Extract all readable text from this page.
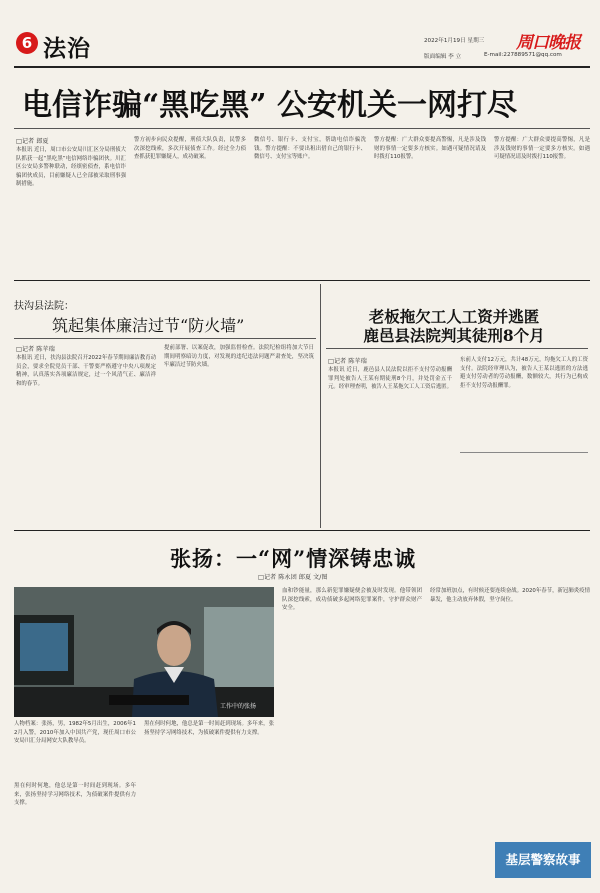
6 法治	2022年1月19日 星期三
版面编辑 李 立	E-mail:227889571@qq.com
周口晚报
电信诈骗“黑吃黑” 公安机关一网打尽
□记者 郎夏
本报讯 近日，周口市公安局川汇区分局刑侦大队抓获一起“黑吃黑”电信网络诈骗团伙。川汇区公安局多警种联动，经缜密侦查，系电信诈骗团伙成员，目前嫌疑人已全部被采取刑事强制措施。
警方初步向民众提醒，刑侦大队负责，民警多次深挖线索，多次开展侦查工作。经过全力侦查抓获犯罪嫌疑人，成功破案。
微信号、银行卡、支付宝，帮助电信诈骗洗钱。警方提醒：不要出租出借自己的银行卡、微信号、支付宝等账户。
警方提醒：广大群众要提高警惕，凡是涉及钱财的事情一定要多方核实。如遇可疑情况请及时拨打110报警。
警方提醒：广大群众要提高警惕，凡是涉及钱财的事情一定要多方核实。如遇可疑情况请及时拨打110报警。
扶沟县法院：
筑起集体廉洁过节“防火墙”
□记者 陈苹瑞
本报讯 近日，扶沟县法院召开2022年春节期间廉洁教育动员会，要求全院党员干部、干警要严格遵守中央八项规定精神，认真落实各项廉洁规定，过一个风清气正、廉洁祥和的春节。
提前部署、以案促改，加强监督检查。法院纪检组将加大节日期间明察暗访力度，对发现的违纪违法问题严肃查处，坚决筑牢廉洁过节防火墙。
老板拖欠工人工资并逃匿
鹿邑县法院判其徒刑8个月
□记者 陈苹瑞
本报讯 近日，鹿邑县人民法院以拒不支付劳动报酬罪判处被告人王某有期徒刑8个月，并处罚金五千元。经审理查明，被告人王某拖欠工人工资后逃匿。
东前人支付12万元，共计48万元，均拖欠工人的工资支付。法院经审理认为，被告人王某以逃匿的方法逃避支付劳动者的劳动报酬，数额较大，其行为已构成拒不支付劳动报酬罪。
张扬：一“网”情深铸忠诚
□记者 陈永团 郎夏 文/图
工作中的张扬
人物档案：张扬，男，1982年5月出生，2006年12月入警，2010年加入中国共产党，现任周口市公安局川汇分局网安大队教导员。
黑在何时何地，他总是第一时间赶到现场。多年来，张扬坚持学习网络技术，为侦破案件提供有力支撑。
黑在何时何地，他总是第一时间赶到现场。多年来，张扬坚持学习网络技术，为侦破案件提供有力支撑。
血和钞能量，那么新犯罪嫌疑便会被及时发现。他带领团队深挖线索，成功侦破多起网络犯罪案件，守护群众财产安全。
经常加班加点，有时候还要连续奋战。2020年春节，新冠肺炎疫情暴发，他主动放弃休假，坚守岗位。
基层警察故事
